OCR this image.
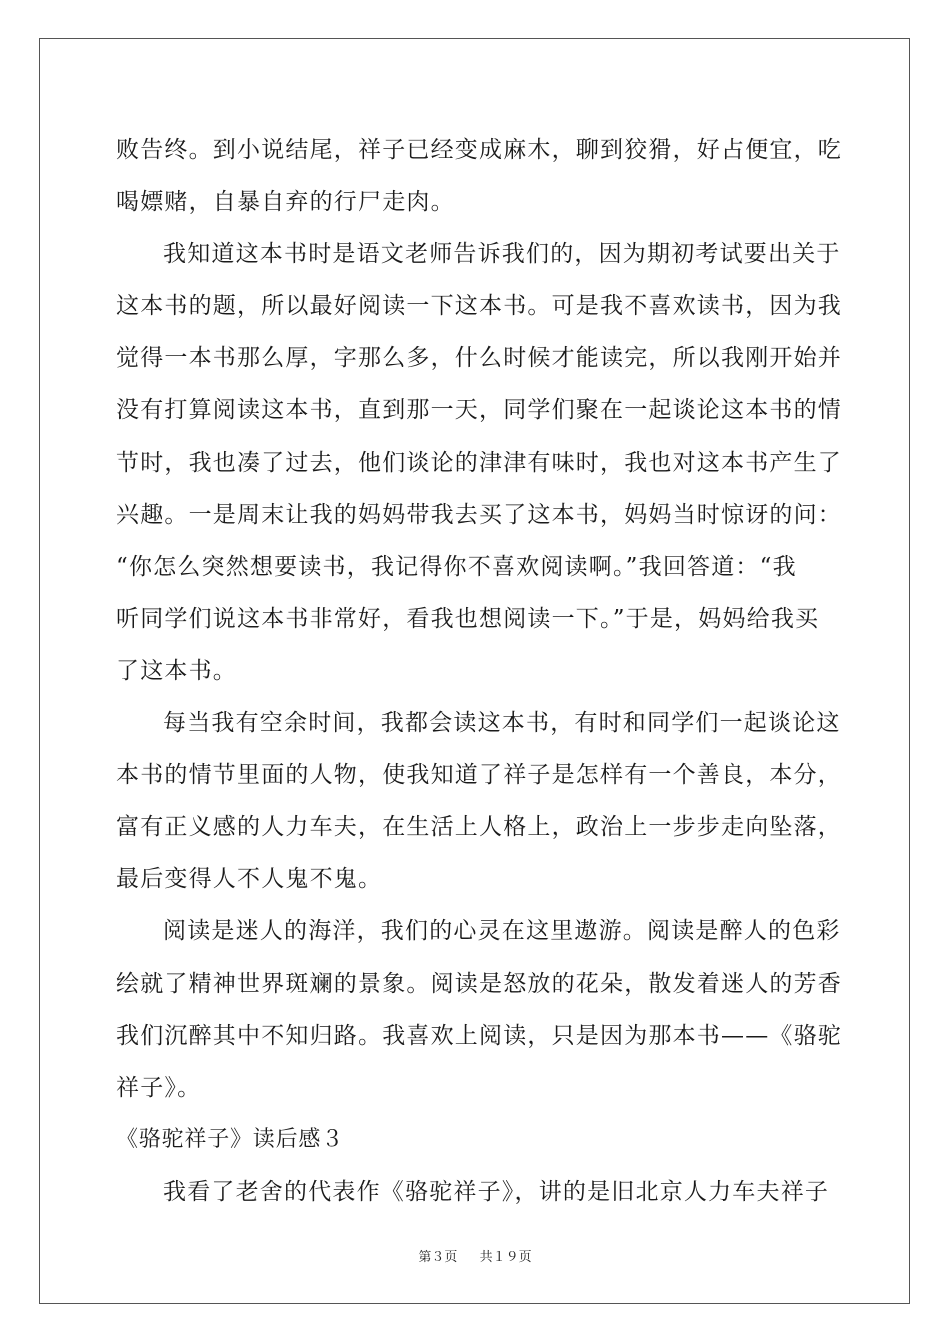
败告终。到小说结尾，祥子已经变成麻木，聊到狡猾，好占便宜，吃
喝嫖赌，自暴自弃的行尸走肉。
我知道这本书时是语文老师告诉我们的，因为期初考试要出关于
这本书的题，所以最好阅读一下这本书。可是我不喜欢读书，因为我
觉得一本书那么厚，字那么多，什么时候才能读完，所以我刚开始并
没有打算阅读这本书，直到那一天，同学们聚在一起谈论这本书的情
节时，我也凑了过去，他们谈论的津津有味时，我也对这本书产生了
兴趣。一是周末让我的妈妈带我去买了这本书，妈妈当时惊讶的问：
“你怎么突然想要读书，我记得你不喜欢阅读啊。”我回答道：“我
听同学们说这本书非常好，看我也想阅读一下。”于是，妈妈给我买
了这本书。
每当我有空余时间，我都会读这本书，有时和同学们一起谈论这
本书的情节里面的人物，使我知道了祥子是怎样有一个善良，本分，
富有正义感的人力车夫，在生活上人格上，政治上一步步走向坠落，
最后变得人不人鬼不鬼。
阅读是迷人的海洋，我们的心灵在这里遨游。阅读是醉人的色彩
绘就了精神世界斑斓的景象。阅读是怒放的花朵，散发着迷人的芳香
我们沉醉其中不知归路。我喜欢上阅读，只是因为那本书——《骆驼
祥子》。
《骆驼祥子》读后感３
我看了老舍的代表作《骆驼祥子》，讲的是旧北京人力车夫祥子
第３页 共１９页
